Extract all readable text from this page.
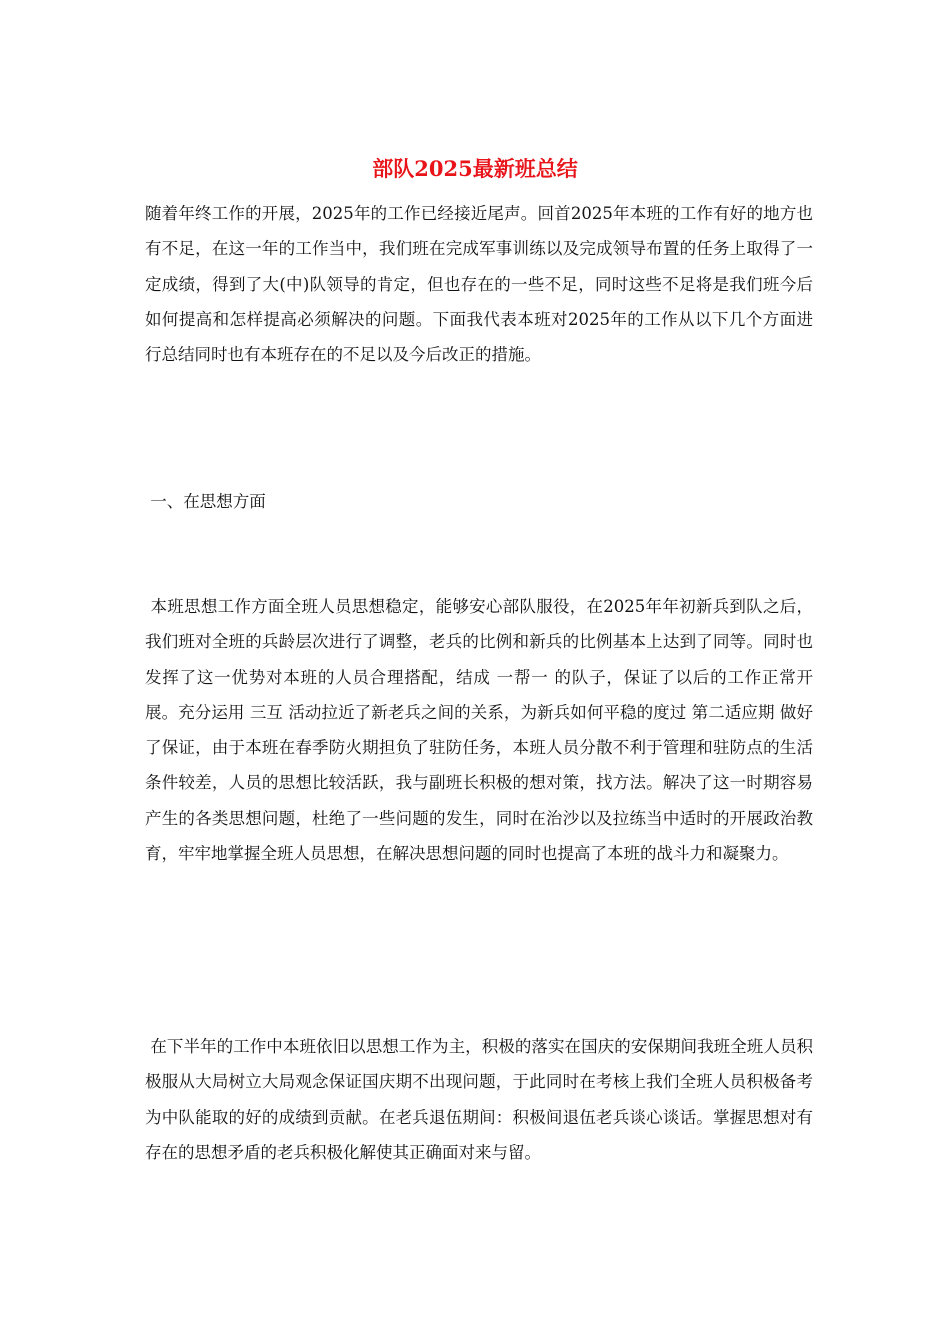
部队2025最新班总结

随着年终工作的开展，2025年的工作已经接近尾声。回首2025年本班的工作有好的地方也有不足，在这一年的工作当中，我们班在完成军事训练以及完成领导布置的任务上取得了一定成绩，得到了大(中)队领导的肯定，但也存在的一些不足，同时这些不足将是我们班今后如何提高和怎样提高必须解决的问题。下面我代表本班对2025年的工作从以下几个方面进行总结同时也有本班存在的不足以及今后改正的措施。

一、在思想方面

本班思想工作方面全班人员思想稳定，能够安心部队服役，在2025年年初新兵到队之后，我们班对全班的兵龄层次进行了调整，老兵的比例和新兵的比例基本上达到了同等。同时也发挥了这一优势对本班的人员合理搭配，结成 一帮一 的队子，保证了以后的工作正常开展。充分运用 三互 活动拉近了新老兵之间的关系，为新兵如何平稳的度过 第二适应期 做好了保证，由于本班在春季防火期担负了驻防任务，本班人员分散不利于管理和驻防点的生活条件较差，人员的思想比较活跃，我与副班长积极的想对策，找方法。解决了这一时期容易产生的各类思想问题，杜绝了一些问题的发生，同时在治沙以及拉练当中适时的开展政治教育，牢牢地掌握全班人员思想，在解决思想问题的同时也提高了本班的战斗力和凝聚力。

在下半年的工作中本班依旧以思想工作为主，积极的落实在国庆的安保期间我班全班人员积极服从大局树立大局观念保证国庆期不出现问题，于此同时在考核上我们全班人员积极备考为中队能取的好的成绩到贡献。在老兵退伍期间：积极间退伍老兵谈心谈话。掌握思想对有存在的思想矛盾的老兵积极化解使其正确面对来与留。
